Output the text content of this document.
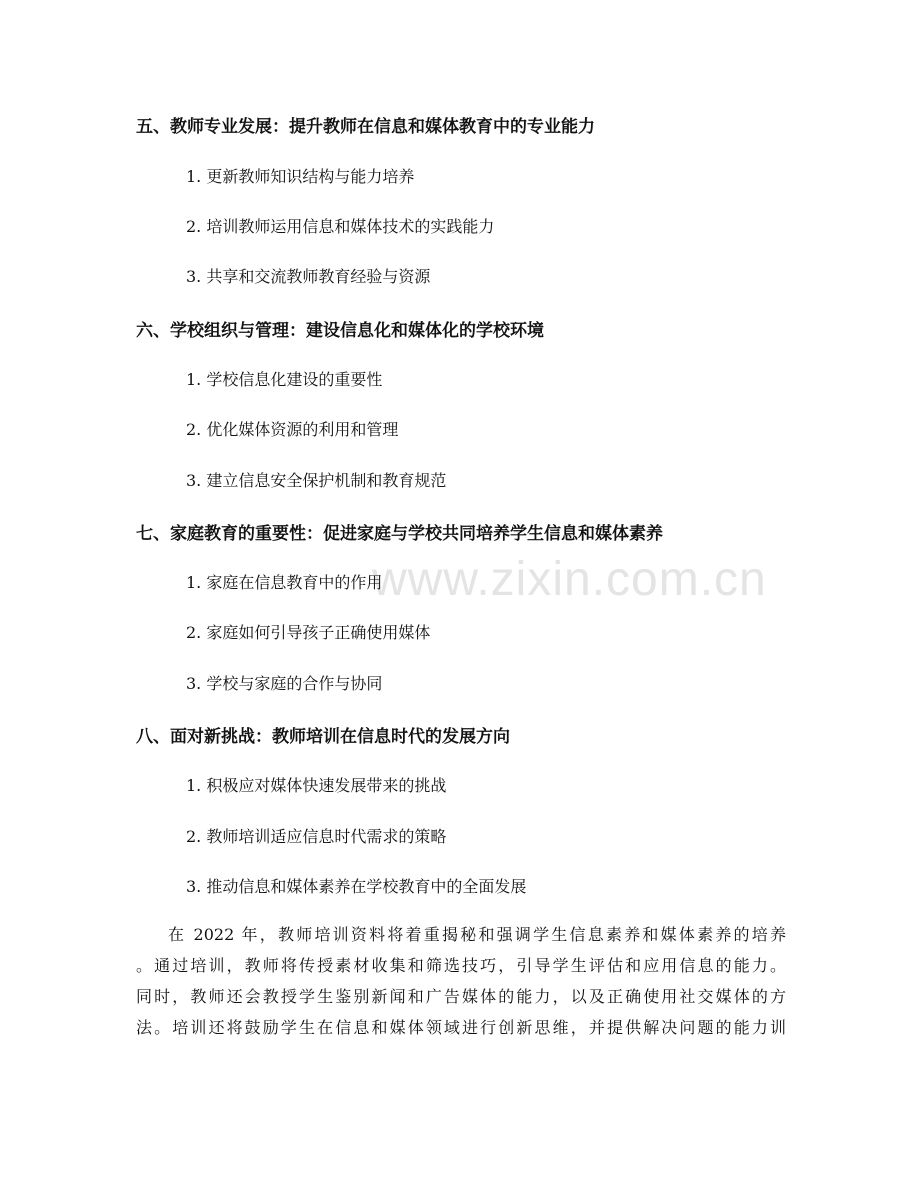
www.zixin.com.cn
五、教师专业发展：提升教师在信息和媒体教育中的专业能力
1. 更新教师知识结构与能力培养
2. 培训教师运用信息和媒体技术的实践能力
3. 共享和交流教师教育经验与资源
六、学校组织与管理：建设信息化和媒体化的学校环境
1. 学校信息化建设的重要性
2. 优化媒体资源的利用和管理
3. 建立信息安全保护机制和教育规范
七、家庭教育的重要性：促进家庭与学校共同培养学生信息和媒体素养
1. 家庭在信息教育中的作用
2. 家庭如何引导孩子正确使用媒体
3. 学校与家庭的合作与协同
八、面对新挑战：教师培训在信息时代的发展方向
1. 积极应对媒体快速发展带来的挑战
2. 教师培训适应信息时代需求的策略
3. 推动信息和媒体素养在学校教育中的全面发展

在 2022 年，教师培训资料将着重揭秘和强调学生信息素养和媒体素养的培养

。通过培训，教师将传授素材收集和筛选技巧，引导学生评估和应用信息的能力。

同时，教师还会教授学生鉴别新闻和广告媒体的能力，以及正确使用社交媒体的方

法。培训还将鼓励学生在信息和媒体领域进行创新思维，并提供解决问题的能力训
